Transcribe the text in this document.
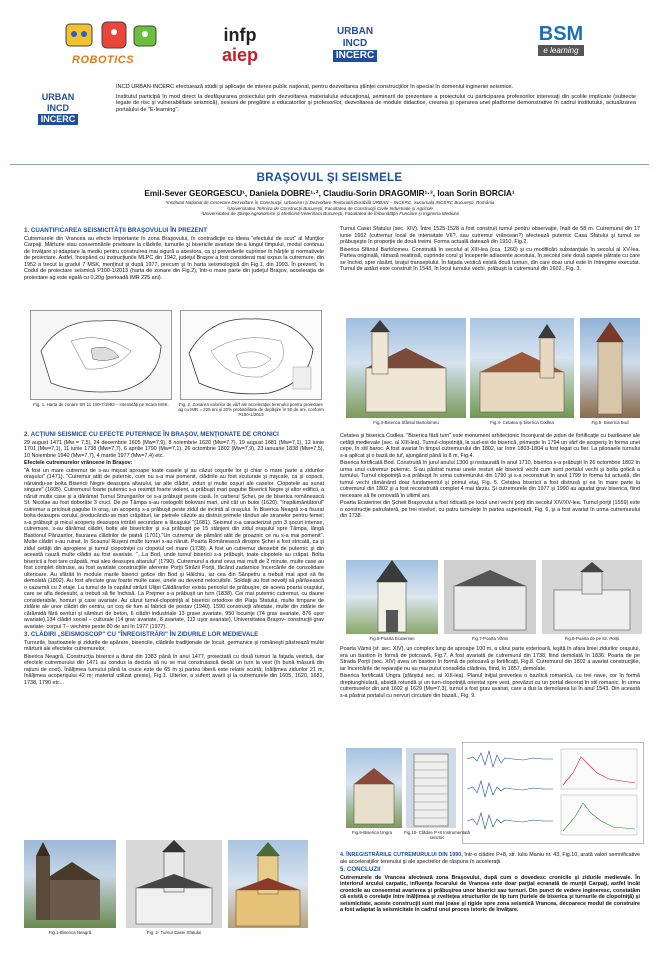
ROBOTICS
infp
aiep
URBAN
INCD
INCERC
BSM
e learning
URBAN
INCD
INCERC

INCD URBAN-INCERC efectuează studii şi aplicaţie de interes public naţional, pentru dezvoltarea ştiinţei construcţiilor în special în domeniul ingineriei seismice.

Institutul participă în mod direct la desfăşurarea proiectului prin dezvoltarea materialului educaţional, seminarii de prezentare a proiectului cu participarea profesorilor interesaţi din şcolile implicate (subiecte legate de risc şi vulnerabilitate seismică), sesiuni de pregătire a educatorilor şi profesorilor, dezvoltarea de module didactice, crearea şi operarea unei platforme demonstrative în cadrul institutului, actualizarea portalului de "E-learning".

BRAŞOVUL ŞI SEISMELE
Emil-Sever GEORGESCU¹, Daniela DOBRE¹·², Claudiu-Sorin DRAGOMIR¹·³, Ioan Sorin BORCIA¹
¹Institutul Naţional de Cercetare Dezvoltare în Construcţii, Urbanism şi Dezvoltare Teritorială Durabilă URBAN – INCERC, Sucursala INCERC Bucureşti, România
²Universitatea Tehnica de Construcţii Bucureşti, Facultatea de Construcţii Civile Industriale şi Agricole
³Universitatea de Ştiinţe Agronomice şi Medicină Veterinara Bucureşti, Facultatea de Îmbunătăţiri Funciare şi Ingineria Mediului
1. CUANTIFICAREA SEISMICITĂŢII BRAŞOVULUI ÎN PREZENT

Cutremurele din Vrancea au efecte importante în zona Braşovului, în contradicţie cu ideea "efectului de scut" al Munţilor Carpaţi. Mărturie stau consemnările privitoare la clădirile, turnurile şi bisericile avariate de-a lungul timpului, modul continuu de învăţare şi adaptare la mediu pentru construirea mai sigură a acestora, ca şi prevederile cuprinse în hărţile şi normativele de proiectare. Astfel, începând cu instrucţiunile MLPC din 1942, judeţul Braşov a fost considerat mai expus la cutremure, din 1952 a trecut la gradul 7 MSK, menţinut şi după 1977, precum şi în harta seismologică din Fig.1, din 1993. În prezent, în Codul de proiectare seismică P100-1/2013 (harta de zonare din Fig.2), într-o mare parte din judeţul Braşov, acceleraţia de proiectare ag este egală cu 0,20g (perioadă IMR 225 ani).

Fig. 1. Harta de zonare SR 11 100-7/1993 – intensităţi pe Scara MSK.	Fig. 2. Zonarea valorilor de vârf ale acceleraţiei terenului pentru proiectare ag cu IMR = 225 ani şi 20% probabilitate de depăşire în 50 de ani, conform P100-1/2013
2. ACŢIUNI SEISMICE CU EFECTE PUTERNICE ÎN BRAŞOV, MENŢIONATE DE CRONICI

29 august 1471 (Mw = 7,5), 24 decembrie 1605 (Mw=7,9), 8 noiembrie 1620 (Mw=7,7), 19 august 1681 (Mw=7,1), 12 iunie 1701 (Mw=7,1), 11 iunie 1738 (Mw=7,7), 6 aprilie 1790 (Mw=7,1), 26 octombrie 1802 (Mw=7,9), 23 ianuarie 1838 (Mw=7,5), 10 Noiembrie 1940 (Mw=7,7), 4 martie 1977 (Mw=7,4) etc.

Efectele cutremurelor vrâncene în Braşov:

"A fost un mare cutremur de s-au mişcat aproape toate casele şi au căzut coşurile lor şi chiar o mare parte a zidurilor oraşului" (1471). "Cutremur atât de puternic, cum nu s-a mai pomenit, clădirile au fost scuturate şi mişcate, ca şi copacii, năruindu-se bolta Bisericii Negre deasupra altarului, iar alte clădiri, ziduri şi multe coşuri ale caselor. Clopotele au sunat singure" (1605). Cutremurul foarte puternic s-a resimţit foarte violent, a prăbuşit mari pagube Bisericii Negre şi altor edificii, a năruit multe case şi a dărâmat Turnul Strungarilor ce s-a prăbuşit peste casă. În cartierul Şchei, pe de biserica românească Sf. Nicolae au fost doborâte 3 cruci. De pe Tâmpa s-au rostogolit bolovani mari, unii cât un butoi (1620). "Inspăimântătorul" cutremur a pricinuit pagube în oraş, un acoperiş s-a prăbuşit peste zidul de incintă al oraşului. În Biserica Neagră s-a fisurat bolta deasupra corului, producându-se mari crăpături, iar pietrele căzute au distrus primele rânduri ale stranelor pentru femei; s-a prăbuşit şi micul acoperiş deasupra intrării secundare a lăcaşului "(1681). Seismul s-a caracterizat prin 3 şocuri intense, cutremure, s-au dărâmat clădiri, bolte ale bisericilor şi s-a prăbuşit pe 15 stânjeni din zidul oraşului spre Tâmpa, lângă Bastionul Pânzarilor, fisurarea clădirilor de piatră (1701)."Un cutremur de pământ atât de groaznic ce nu s-a mai pomenit". Multe clădiri s-au ruinat, în Scaunul Ruşeni multe turnuri s-au năruit. Poarta Românească dinspre Şchei a fost stricată, ca şi zidul cetăţii din apropiere şi turnul clopotniţei cu clopotul cel mare (1738). A fost un cutremur deosebit de puternic şi din această cauză multe clădiri au fost avariate. "...La Bod, unde turnul bisericii s-a prăbuşit, toate clopotele au crăpat. Bolta bisericii a fost tare crăpată, mai ales deasupra altarului" (1790). Cutremurul a durat ceva mai mult de 2 minute, multe case au fost complet distruse, au fost avariate construcţiile aferente Porţii Străzii Porţii, făcând zadarnice încercările de consolidare ulterioare. Au sfârâit în module marile biserici gotice din Bod şi Hălchiu, iar cea din Sânpetru a trebuit mai apoi să fie demolată (1802). Au fost afectate grav foarte multe case, unele au devenit nelocuibile. Soldaţii au fost nevoiţi să părăsească o cazarmă cu 2 etaje. La tumul de la capătul străzii Uliţei Căldărarilor exista pericolul de prăbuşire, de aceea poarta oraşului, care se afla dedesubt, a trebuit să fie închisă. La Prejmer s-a prăbuşit un turn (1838). Cei mai puternic cutremur, cu daune considerabile, homuri şi case avariate. Au căzut tumul-clopotniţă al bisericii ortodoxe din Piaţa Sfatului, multe timpane de zidărie ale unor clădiri din centru, un coş de fum al fabricii de postav (1940). 1590 construcţii afectate, multe din zidărie de cărămidă fără centuri şi sâmburi de beton, 6 clădiri industriale 13 grave avariate, 950 locuinţe (74 grav avariate, 876 uşor avariate),134 clădiri social – culturale (14 grav avariate, 8 avariate, 112 uşor avariate), Universitatea Braşov- construcţii grav avariate- corpul T– vechime peste 80 de ani în 1977 (1977).

3. CLĂDIRI „SEISMOSCOP" CU "ÎNREGISTRĂRI" ÎN ZIDURILE LOR MEDIEVALE

Turnurile, bastioanele şi zidurile de apărare, bisericile, clădirile tradiţionale de locuit, germanice şi româneşti păstrează multe mărturii ale efectelor cutremurelor.

Biserica Neagră. Construcţia bisericii a durat din 1383 până în anul 1477, proiectată cu două turnuri la faţada vestică, dar efectele cutremurului din 1471 au condus la decizia să nu se mai construiască decât un turn la vest (în bună măsură din raţiuni de cost). Înălţimea turnului până la cruce este de 65 m şi partea liberă este relativ scurtă; înălţimea zidurilor 21 m, înălţimea acoperişului 42 m; material utilizat gresie), Fig.1. Ulterior, a suferit avarii şi la cutremurele din 1605, 1620, 1681, 1738, 1790 etc...

Fig.1-Biserica Neagră	Fig. 2- Turnul Casei Sfatului

Turnul Casei Sfatului (sec. XIV). Între 1525-1528 a fost construit turnul pentru observaţie, înalt de 58 m. Cutremurul din 17 iunie 1662 (cutremur local de intensitate VII?, sau cutremur vrâncean?) afectează puternic Casa Sfatului şi turnul se prăbuşeşte în proporţie de două treimi. Forma actuală datează din 1910, Fig.2.

Biserica Sfântul Bartolomeu. Construită în secolul al XIII-lea (cca. 1260) şi cu modificări substanţiale în secolul al XV-lea. Partea originală, rămasă neatinsă, cuprinde corul şi începerile adiacente acestuia, în secolul cele două capele pătrate cu care se închid, spre răsărit, braţul transeptului. În faţada vestică există două turnuri, din care doar unul este în întregime executat. Turnul de astăzi este construit în 1543, în locul turnului vechi, prăbuşit la cutremurul din 1602., Fig. 3.

Fig.3-Biserica Sfântul Bartolomeu	Fig.4- Cetatea şi biserica Codlea	Fig.5- Biserica Bod

Cetatea şi biserica Codlea. "Biserica fără turn" este monument arhitectonic înconjurat de ziduri de fortificaţie cu bastioane ale cetăţii medievale (sec. al XIII-lea). Turnul-clopotniţă, la sud-est de biserică, primeşte în 1794 un vârf de acoperiş în forma unei cepe, în stil baroc. A fost avariat în timpul cutremurului din 1802, iar între 1803-1804 a fost legat cu fier. La pilonaele turnului s-a aplicat şi o bază de tuf, ajungând până la 8 m, Fig.4.

Biserica fortificată Bod. Construită în jurul anului 1300 şi restaurată în anul 1710, biserica s-a prăbuşit în 26 octombrie 1802 în urma unui cutremur puternic. S-au păstrat numai unele resturi ale bisericii vechi cum sunt portalul vechi şi bolta gotică a turnului. Turnul clopotniţă s-a prăbuşit în urma cutremurului din 1790 şi s-a reconstruit în anul 1799 în forma lui actuală, din turnul vechi rămânând doar fundamentul şi primul etaj, Fig. 5. Cetatea bisericii a fost distrusă şi ea în mare parte la cutremurul din 1802 şi a fost reconstruită complet 4 mai târziu. Şi cutremurele din 1977 şi 1990 au agudat grav biserica, fiind necesare să fie renovată în ultimii ani.

Poarta Ecaterinei din Şcheii Braşovului a fost ridicată pe locul unei vechi porţi din secolul XIV/XV-lea. Turnul porţii (1559) este o construcţie patrulateră, pe trei niveluri, cu patru turnuleţe în partea superioară, Fig. 6, şi a fost avariat în urma cutremurului din 1738.

Fig.6-Poarta Ecaterinei	Fig.7-Poarta Vămii	Fig.8-Poarta de pe str. Porţii

Poarta Vămii (sf. sec. XIV), un complex lung de aproape 100 m, a cărui parte exterioară, leşită în afara liniei zidurilor oraşului, era un bastion în formă de potcoavă, Fig.7. A fost avariată de cutremurul din 1738, fiind demolată în 1836. Poarta de pe Strada Porţii (sec. XIV) avea un bastion în formă de potcoavă şi fortificaţii, Fig.8. Cutremurul din 1802 a avariat construcţiile, iar încercările de reparaţie nu au mai putut consolida clădirea, fiind, în 1857, demolate.

Biserica fortificată Ungra (sfârşitul sec. al XIII-lea). Planul iniţial prevedea o bazilică romanică, cu trei nave, cor în formă dreptunghiulară, absidă rotundă şi un turn-clopotniţă orientat spre vest, prevăzut cu un portal decorat în stil romanic. În urma cutremurelor din anii 1602 şi 1629 (Mw=7,3), turnul a fost grav avariat, care a dus la demolarea lui în anul 1543. Din această s-a păstrat portalul cu nervuri circulare din bazalt., Fig. 9.

Fig.9-Biserica Ungra	Fig.10- Clădire P+8 Instrumentată seismic

4. ÎNREGISTRĂRILE CUTREMURULUI DIN 1990, într-o clădire P+8, str. Iuliu Maniu nr. 43, Fig.10, arată valori semnificative ale acceleraţiilor terenului şi ale spectrelor de răspuns în acceleraţii.

5. CONCLUZII

Cutremurele de Vrancea afectează zona Braşovului, după cum o dovedesc cronicile şi zidurile medievale. În interiorul arcului carpatic, influenţa focarului de Vrancea este doar parţial ecranată de munţii Carpaţi, astfel încât cronicile au consemnat avarierea şi prăbuşirea unor biserici sau turnuri. Din punct de vedere ingineresc, constatăm că există o corelaţie între înălţimea şi zvelteţea structurilor de tip turn (turlele de biserica şi turnurile de clopotniţă) şi seismicitate, aceste construcţii sunt mai joase şi rigide spre zona seismică Vrancea, decoarece modul de construire a fost adaptat la seismicitate în cadrul unui proces istoric de învăţare.
